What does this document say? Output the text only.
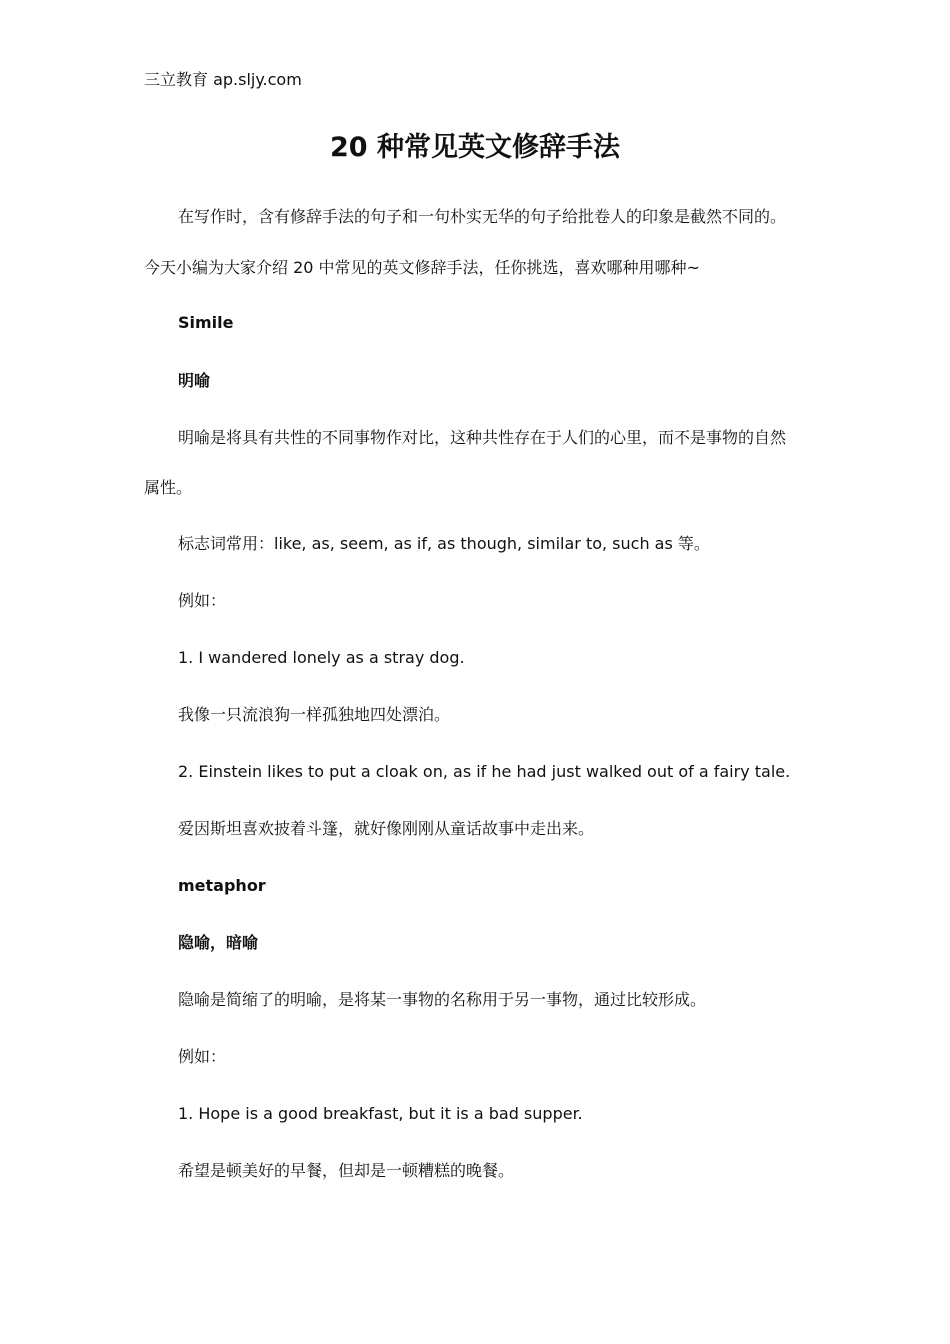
三立教育 ap.sljy.com
20 种常见英文修辞手法
在写作时，含有修辞手法的句子和一句朴实无华的句子给批卷人的印象是截然不同的。
今天小编为大家介绍 20 中常见的英文修辞手法，任你挑选，喜欢哪种用哪种~
Simile
明喻
明喻是将具有共性的不同事物作对比，这种共性存在于人们的心里，而不是事物的自然
属性。
标志词常用：like, as, seem, as if, as though, similar to, such as 等。
例如：
1. I wandered lonely as a stray dog.
我像一只流浪狗一样孤独地四处漂泊。
2. Einstein likes to put a cloak on, as if he had just walked out of a fairy tale.
爱因斯坦喜欢披着斗篷，就好像刚刚从童话故事中走出来。
metaphor
隐喻，暗喻
隐喻是简缩了的明喻，是将某一事物的名称用于另一事物，通过比较形成。
例如：
1. Hope is a good breakfast, but it is a bad supper.
希望是顿美好的早餐，但却是一顿糟糕的晚餐。
